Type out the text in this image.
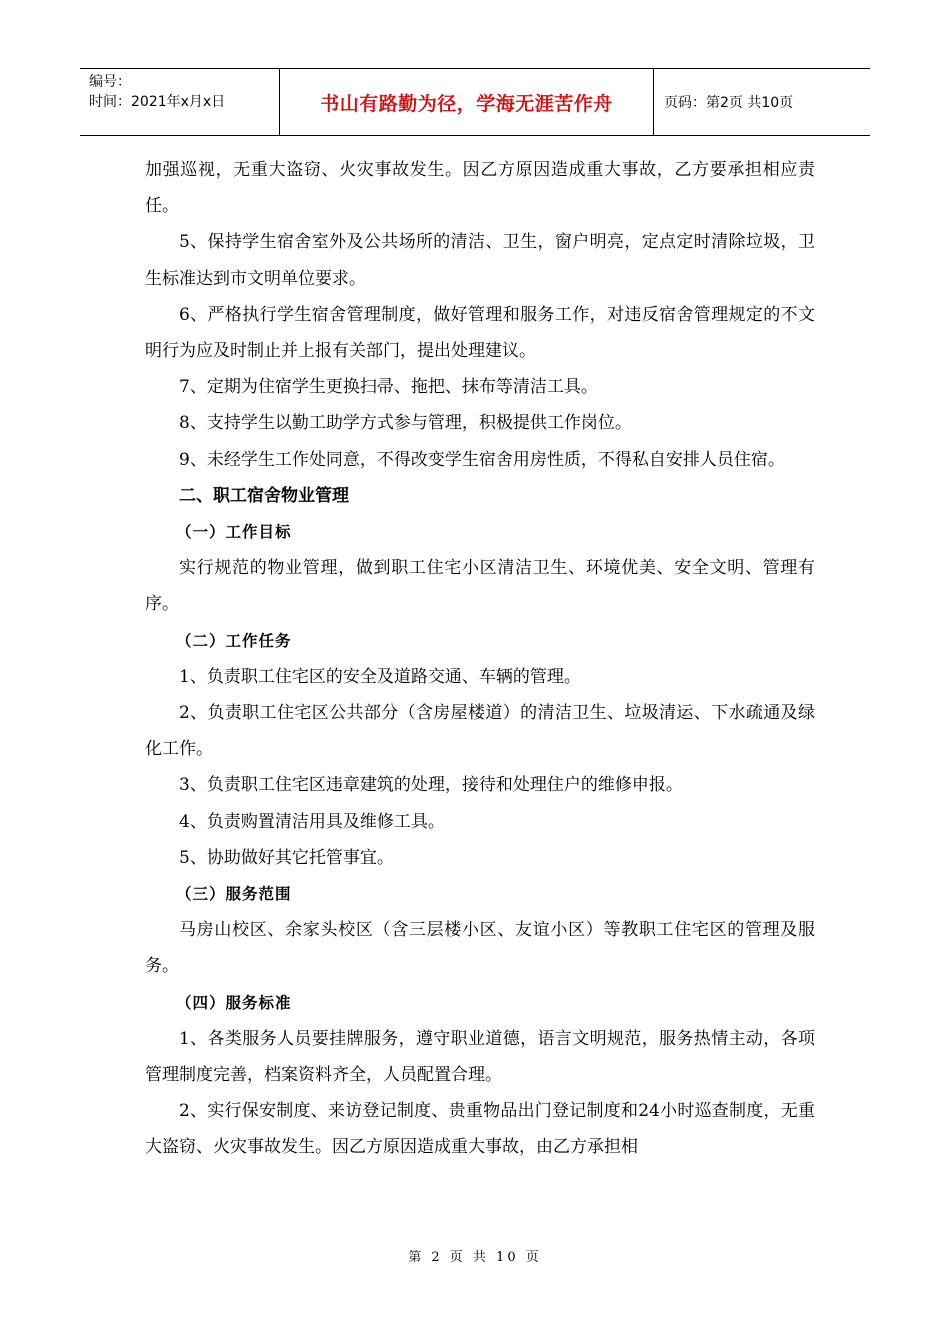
编号：
时间：2021年x月x日	书山有路勤为径，学海无涯苦作舟	页码：第2页 共10页

加强巡视，无重大盗窃、火灾事故发生。因乙方原因造成重大事故，乙方要承担相应责任。

5、保持学生宿舍室外及公共场所的清洁、卫生，窗户明亮，定点定时清除垃圾，卫生标准达到市文明单位要求。

6、严格执行学生宿舍管理制度，做好管理和服务工作，对违反宿舍管理规定的不文明行为应及时制止并上报有关部门，提出处理建议。

7、定期为住宿学生更换扫帚、拖把、抹布等清洁工具。

8、支持学生以勤工助学方式参与管理，积极提供工作岗位。

9、未经学生工作处同意，不得改变学生宿舍用房性质，不得私自安排人员住宿。

二、职工宿舍物业管理

（一）工作目标

实行规范的物业管理，做到职工住宅小区清洁卫生、环境优美、安全文明、管理有序。

（二）工作任务

1、负责职工住宅区的安全及道路交通、车辆的管理。

2、负责职工住宅区公共部分（含房屋楼道）的清洁卫生、垃圾清运、下水疏通及绿化工作。

3、负责职工住宅区违章建筑的处理，接待和处理住户的维修申报。

4、负责购置清洁用具及维修工具。

5、协助做好其它托管事宜。

（三）服务范围

马房山校区、余家头校区（含三层楼小区、友谊小区）等教职工住宅区的管理及服务。

（四）服务标准

1、各类服务人员要挂牌服务，遵守职业道德，语言文明规范，服务热情主动，各项管理制度完善，档案资料齐全，人员配置合理。

2、实行保安制度、来访登记制度、贵重物品出门登记制度和24小时巡查制度，无重大盗窃、火灾事故发生。因乙方原因造成重大事故，由乙方承担相

第 2 页 共 10 页
